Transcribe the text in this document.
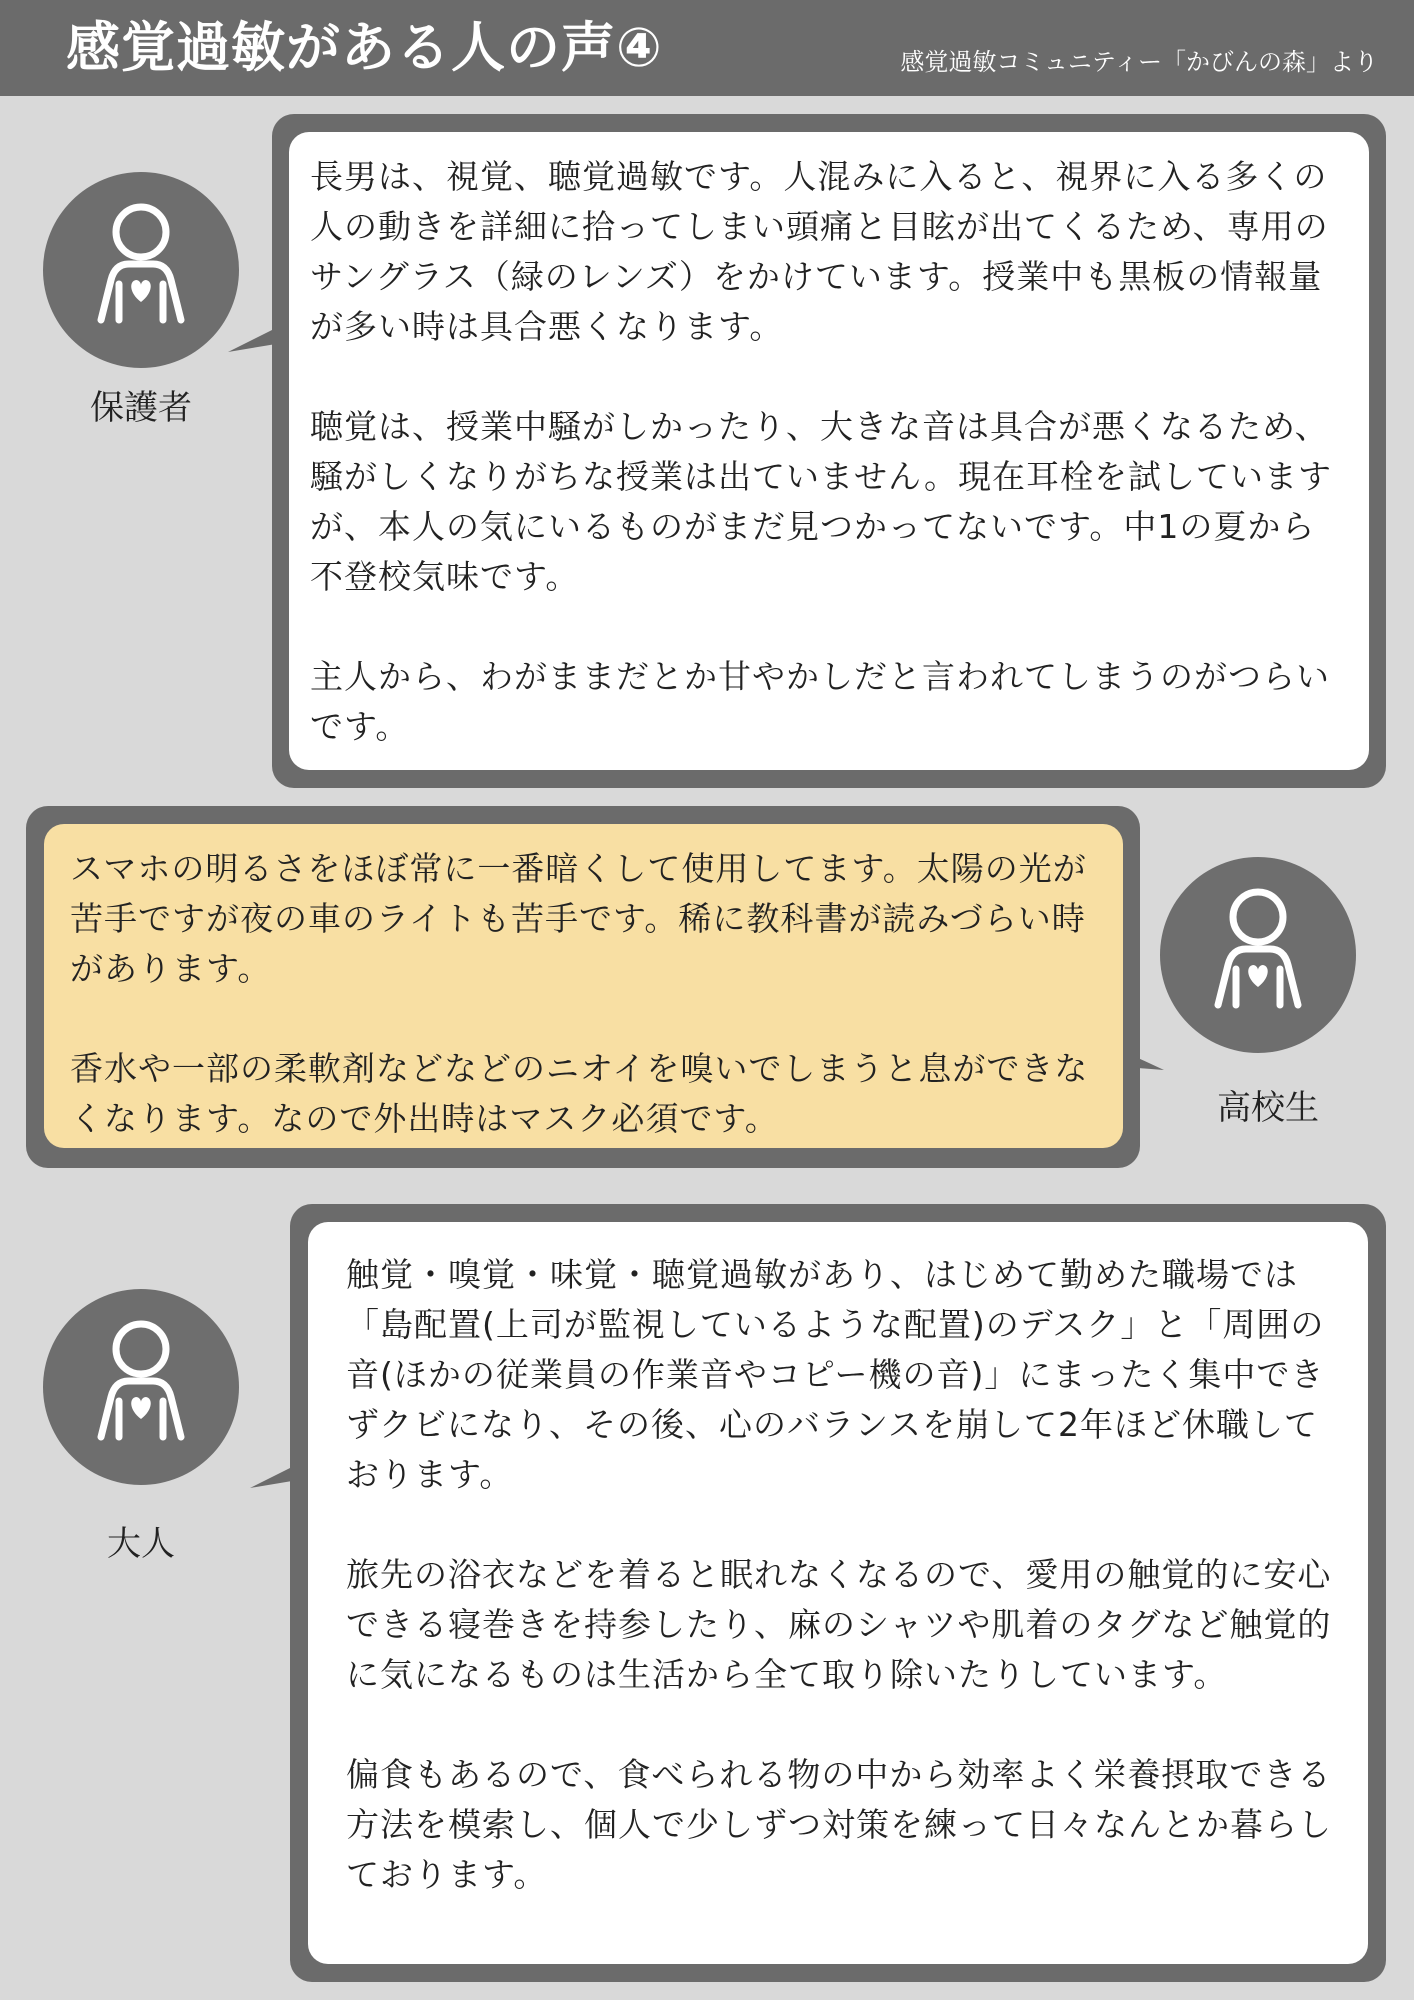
感覚過敏がある人の声④	感覚過敏コミュニティー「かびんの森」より
保護者

長男は、視覚、聴覚過敏です。人混みに入ると、視界に入る多くの人の動きを詳細に拾ってしまい頭痛と目眩が出てくるため、専用のサングラス（緑のレンズ）をかけています。授業中も黒板の情報量が多い時は具合悪くなります。

聴覚は、授業中騒がしかったり、大きな音は具合が悪くなるため、騒がしくなりがちな授業は出ていません。現在耳栓を試していますが、本人の気にいるものがまだ見つかってないです。中1の夏から不登校気味です。

主人から、わがままだとか甘やかしだと言われてしまうのがつらいです。

スマホの明るさをほぼ常に一番暗くして使用してます。太陽の光が苦手ですが夜の車のライトも苦手です。稀に教科書が読みづらい時があります。

香水や一部の柔軟剤などなどのニオイを嗅いでしまうと息ができなくなります。なので外出時はマスク必須です。	高校生
大人

触覚・嗅覚・味覚・聴覚過敏があり、はじめて勤めた職場では「島配置(上司が監視しているような配置)のデスク」と「周囲の音(ほかの従業員の作業音やコピー機の音)」にまったく集中できずクビになり、その後、心のバランスを崩して2年ほど休職しております。

旅先の浴衣などを着ると眠れなくなるので、愛用の触覚的に安心できる寝巻きを持参したり、麻のシャツや肌着のタグなど触覚的に気になるものは生活から全て取り除いたりしています。

偏食もあるので、食べられる物の中から効率よく栄養摂取できる方法を模索し、個人で少しずつ対策を練って日々なんとか暮らしております。
